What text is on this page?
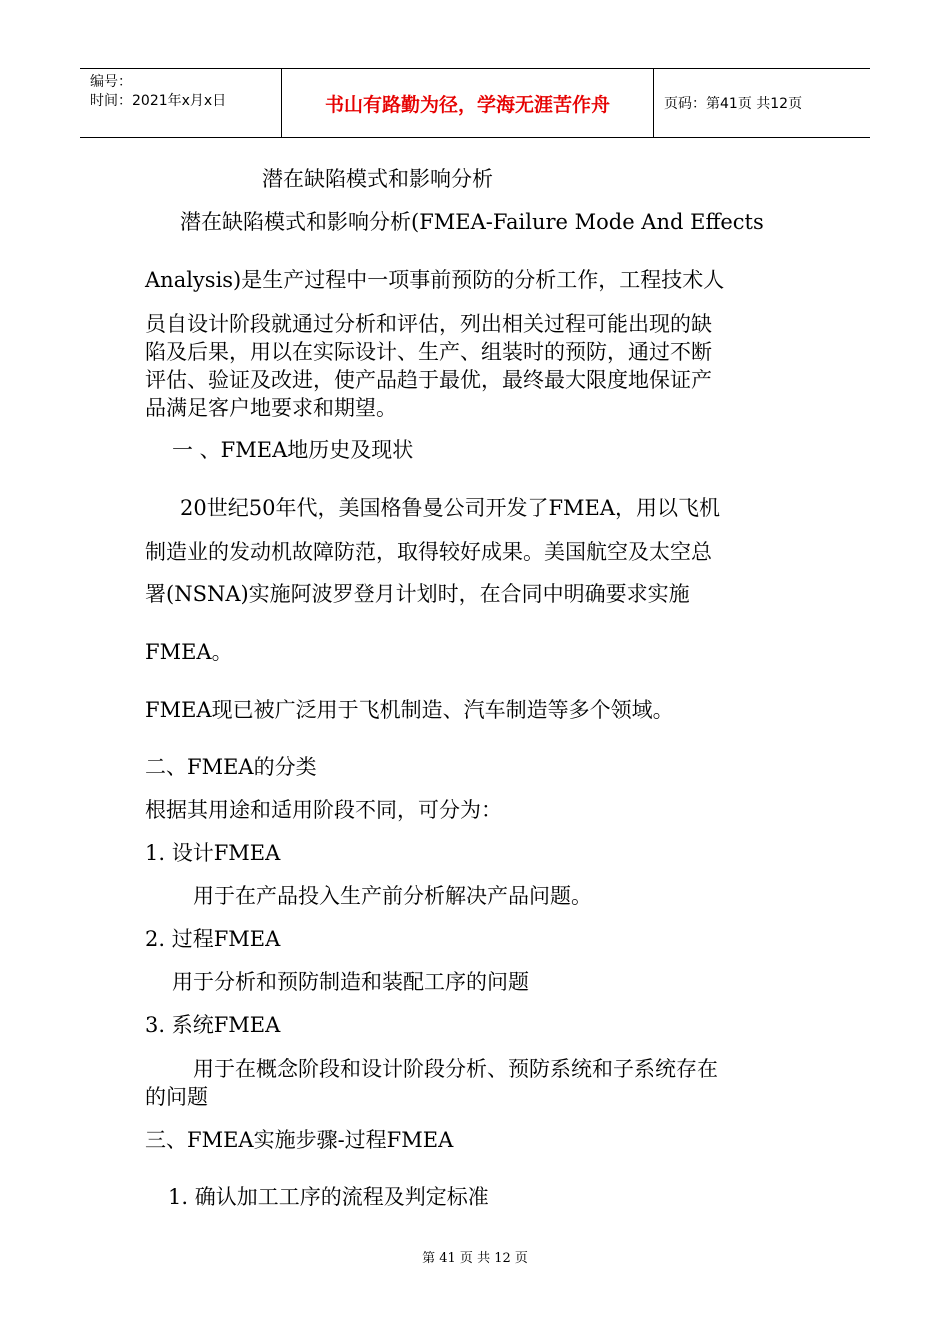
编号：
时间：2021年x月x日	书山有路勤为径，学海无涯苦作舟	页码：第41页 共12页
潜在缺陷模式和影响分析
潜在缺陷模式和影响分析(FMEA-Failure Mode And Effects
Analysis)是生产过程中一项事前预防的分析工作，工程技术人
员自设计阶段就通过分析和评估，列出相关过程可能出现的缺
陷及后果，用以在实际设计、生产、组装时的预防，通过不断
评估、验证及改进，使产品趋于最优，最终最大限度地保证产
品满足客户地要求和期望。
一 、FMEA地历史及现状
20世纪50年代，美国格鲁曼公司开发了FMEA，用以飞机
制造业的发动机故障防范，取得较好成果。美国航空及太空总
署(NSNA)实施阿波罗登月计划时，在合同中明确要求实施
FMEA。
FMEA现已被广泛用于飞机制造、汽车制造等多个领域。
二、FMEA的分类
根据其用途和适用阶段不同，可分为：
1. 设计FMEA
用于在产品投入生产前分析解决产品问题。
2. 过程FMEA
用于分析和预防制造和装配工序的问题
3. 系统FMEA
用于在概念阶段和设计阶段分析、预防系统和子系统存在
的问题
三、FMEA实施步骤-过程FMEA
1. 确认加工工序的流程及判定标准
第 41 页 共 12 页
